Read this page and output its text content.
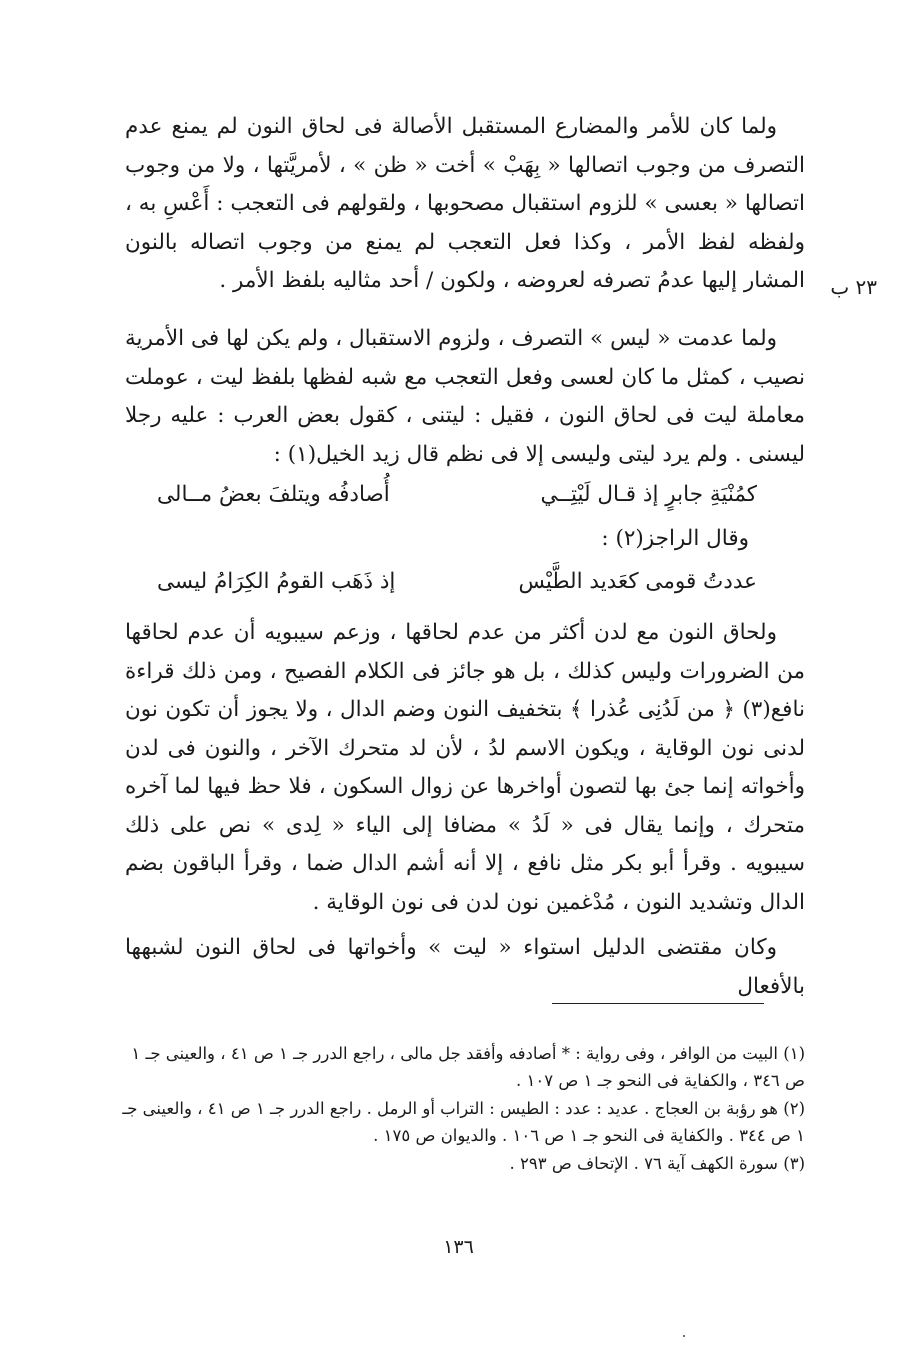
ولما كان للأمر والمضارع المستقبل الأصالة فى لحاق النون لم يمنع عدم التصرف من وجوب اتصالها « بِهَبْ » أخت « ظن » ، لأمريَّتها ، ولا من وجوب اتصالها « بعسى » للزوم استقبال مصحوبها ، ولقولهم فى التعجب : أَعْسِ به ، ولفظه لفظ الأمر ، وكذا فعل التعجب لم يمنع من وجوب اتصاله بالنون المشار إليها عدمُ تصرفه لعروضه ، ولكون / أحد مثاليه بلفظ الأمر . ٢٣ ب

ولما عدمت « ليس » التصرف ، ولزوم الاستقبال ، ولم يكن لها فى الأمرية نصيب ، كمثل ما كان لعسى وفعل التعجب مع شبه لفظها بلفظ ليت ، عوملت معاملة ليت فى لحاق النون ، فقيل : ليتنى ، كقول بعض العرب : عليه رجلا ليسنى . ولم يرد ليتى وليسى إلا فى نظم قال زيد الخيل(١) :

كمُنْيَةِ جابرٍ إذ قـال لَيْتِــي
أُصادفُه ويتلفَ بعضُ مــالى
وقال الراجز(٢) :
عددتُ قومى كعَديد الطَّيْس
إذ ذَهَب القومُ الكِرَامُ ليسى

ولحاق النون مع لدن أكثر من عدم لحاقها ، وزعم سيبويه أن عدم لحاقها من الضرورات وليس كذلك ، بل هو جائز فى الكلام الفصيح ، ومن ذلك قراءة نافع(٣) ﴿ من لَدُنِى عُذرا ﴾ بتخفيف النون وضم الدال ، ولا يجوز أن تكون نون لدنى نون الوقاية ، ويكون الاسم لدُ ، لأن لد متحرك الآخر ، والنون فى لدن وأخواته إنما جئ بها لتصون أواخرها عن زوال السكون ، فلا حظ فيها لما آخره متحرك ، وإنما يقال فى « لَدُ » مضافا إلى الياء « لِدى » نص على ذلك سيبويه . وقرأ أبو بكر مثل نافع ، إلا أنه أشم الدال ضما ، وقرأ الباقون بضم الدال وتشديد النون ، مُدْغمين نون لدن فى نون الوقاية .

وكان مقتضى الدليل استواء « ليت » وأخواتها فى لحاق النون لشبهها بالأفعال

(١) البيت من الوافر ، وفى رواية : * أصادفه وأفقد جل مالى ، راجع الدرر جـ ١ ص ٤١ ، والعينى جـ ١ ص ٣٤٦ ، والكفاية فى النحو جـ ١ ص ١٠٧ .

(٢) هو رؤبة بن العجاج . عديد : عدد : الطيس : التراب أو الرمل . راجع الدرر جـ ١ ص ٤١ ، والعينى جـ ١ ص ٣٤٤ . والكفاية فى النحو جـ ١ ص ١٠٦ . والديوان ص ١٧٥ .

(٣) سورة الكهف آية ٧٦ . الإتحاف ص ٢٩٣ .

١٣٦
